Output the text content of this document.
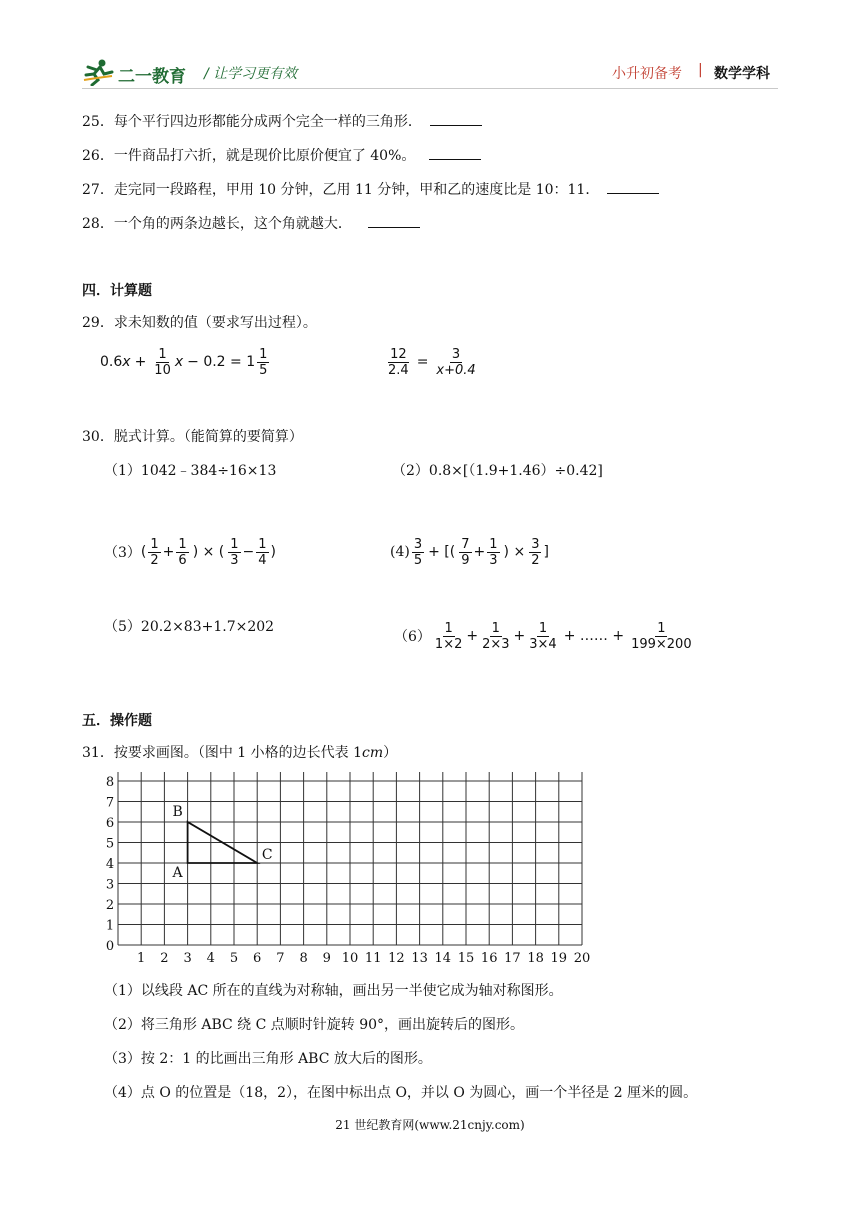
二一教育 / 让学习更有效	小升初备考 | 数学学科
25．每个平行四边形都能分成两个完全一样的三角形．
26．一件商品打六折，就是现价比原价便宜了 40%。
27．走完同一段路程，甲用 10 分钟，乙用 11 分钟，甲和乙的速度比是 10：11．
28．一个角的两条边越长，这个角就越大．
四．计算题
29．求未知数的值（要求写出过程）。
0.6 $x + \frac{1}{10}$ $x - 0.2 = 1 \frac{1}{5}$	$\frac{12}{2.4} = \frac{3}{x+0.4}$
30．脱式计算。（能简算的要简算）
（1）1042﹣384÷16×13	（2）0.8×[（1.9+1.46）÷0.42]
（3） ( $\frac{1}{2} + \frac{1}{6}$ ) × ( $\frac{1}{3} - \frac{1}{4}$ )	$(4) \frac{3}{5}$ + [( $\frac{7}{9} + \frac{1}{3}$ ) × $\frac{3}{2}$ ]
（5）20.2×83+1.7×202
$(6) \frac{1}{1\times 2} + \frac{1}{2\times 3} + \frac{1}{3\times 4}$ + …… + $\frac{1}{199\times 200}$
五．操作题
31．按要求画图。（图中 1 小格的边长代表 1cm）
1 2 3 4 5 6 7 8 9 10 11 12 13 14 15 16 17 18 19 20
0
1
2
3
4
5
6
7
8
A
B
C
（1）以线段 AC 所在的直线为对称轴，画出另一半使它成为轴对称图形。
（2）将三角形 ABC 绕 C 点顺时针旋转 90°，画出旋转后的图形。
（3）按 2：1 的比画出三角形 ABC 放大后的图形。
（4）点 O 的位置是（18，2），在图中标出点 O，并以 O 为圆心，画一个半径是 2 厘米的圆。
21 世纪教育网(www.21cnjy.com)
